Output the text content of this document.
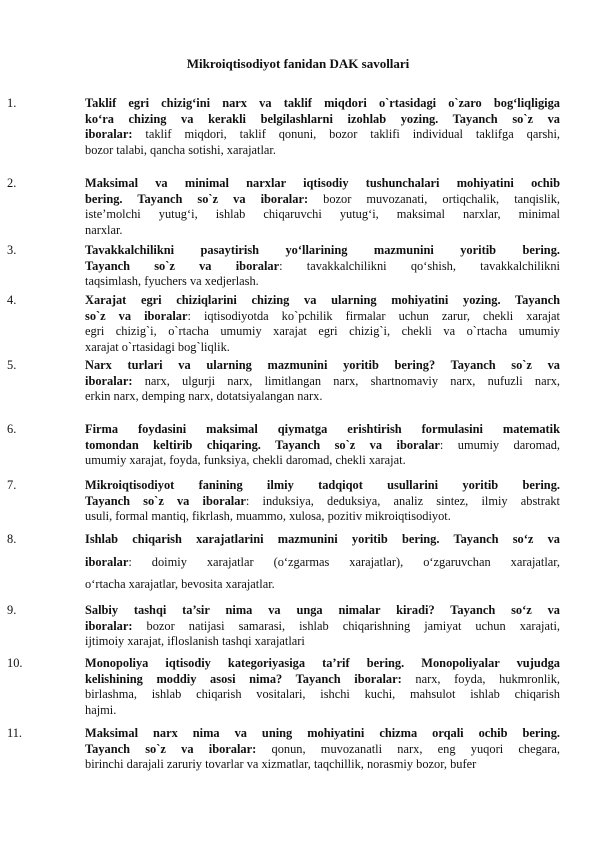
Mikroiqtisodiyot fanidan DAK savollari
1.	Taklif egri chizig‘ini narx va taklif miqdori o`rtasidagi o`zaro bog‘liqligiga
ko‘ra chizing va kerakli belgilashlarni izohlab yozing. Tayanch so`z va
iboralar: taklif miqdori, taklif qonuni, bozor taklifi individual taklifga qarshi,
bozor talabi, qancha sotishi, xarajatlar.
2.	Maksimal va minimal narxlar iqtisodiy tushunchalari mohiyatini ochib
bering. Tayanch so`z va iboralar: bozor muvozanati, ortiqchalik, tanqislik,
iste’molchi yutug‘i, ishlab chiqaruvchi yutug‘i, maksimal narxlar, minimal
narxlar.
3.	Tavakkalchilikni pasaytirish yo‘llarining mazmunini yoritib bering.
Tayanch so`z va iboralar: tavakkalchilikni qo‘shish, tavakkalchilikni
taqsimlash, fyuchers va xedjerlash.
4.	Xarajat egri chiziqlarini chizing va ularning mohiyatini yozing. Tayanch
so`z va iboralar: iqtisodiyotda ko`pchilik firmalar uchun zarur, chekli xarajat
egri chizig`i, o`rtacha umumiy xarajat egri chizig`i, chekli va o`rtacha umumiy
xarajat o`rtasidagi bog`liqlik.
5.	Narx turlari va ularning mazmunini yoritib bering? Tayanch so`z va
iboralar: narx, ulgurji narx, limitlangan narx, shartnomaviy narx, nufuzli narx,
erkin narx, demping narx, dotatsiyalangan narx.
6.	Firma foydasini maksimal qiymatga erishtirish formulasini matematik
tomondan keltirib chiqaring. Tayanch so`z va iboralar: umumiy daromad,
umumiy xarajat, foyda, funksiya, chekli daromad, chekli xarajat.
7.	Mikroiqtisodiyot fanining ilmiy tadqiqot usullarini yoritib bering.
Tayanch so`z va iboralar: induksiya, deduksiya, analiz sintez, ilmiy abstrakt
usuli, formal mantiq, fikrlash, muammo, xulosa, pozitiv mikroiqtisodiyot.
8.	Ishlab chiqarish xarajatlarini mazmunini yoritib bering. Tayanch so‘z va
iboralar: doimiy xarajatlar (o‘zgarmas xarajatlar), o‘zgaruvchan xarajatlar,
o‘rtacha xarajatlar, bevosita xarajatlar.
9.	Salbiy tashqi ta’sir nima va unga nimalar kiradi? Tayanch so‘z va
iboralar: bozor natijasi samarasi, ishlab chiqarishning jamiyat uchun xarajati,
ijtimoiy xarajat, ifloslanish tashqi xarajatlari
10.	Monopoliya iqtisodiy kategoriyasiga ta’rif bering. Monopoliyalar vujudga
kelishining moddiy asosi nima? Tayanch iboralar: narx, foyda, hukmronlik,
birlashma, ishlab chiqarish vositalari, ishchi kuchi, mahsulot ishlab chiqarish
hajmi.
11.	Maksimal narx nima va uning mohiyatini chizma orqali ochib bering.
Tayanch so`z va iboralar: qonun, muvozanatli narx, eng yuqori chegara,
birinchi darajali zaruriy tovarlar va xizmatlar, taqchillik, norasmiy bozor, bufer
